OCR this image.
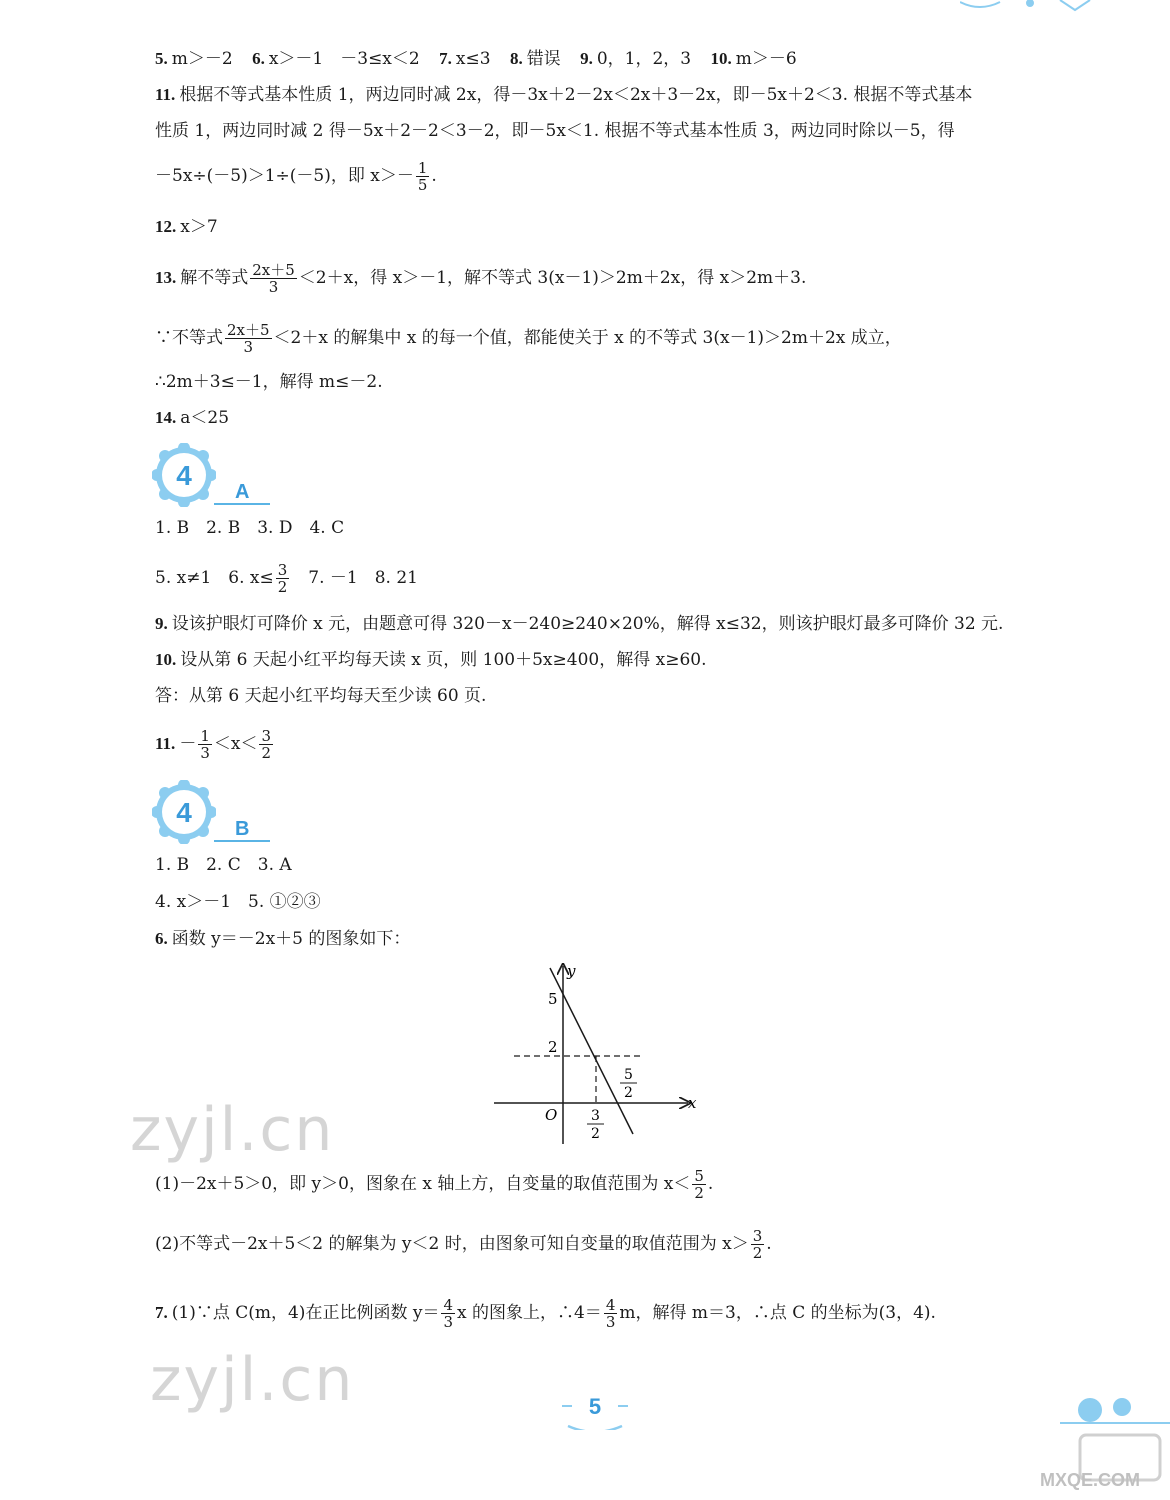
5. m＞－2 6. x＞－1　－3≤x＜2 7. x≤3 8. 错误 9. 0，1，2，3 10. m＞－6
11. 根据不等式基本性质 1，两边同时减 2x，得－3x＋2－2x＜2x＋3－2x，即－5x＋2＜3. 根据不等式基本
性质 1，两边同时减 2 得－5x＋2－2＜3－2，即－5x＜1. 根据不等式基本性质 3，两边同时除以－5，得
－5x÷(－5)＞1÷(－5)，即 $x>- \frac{1}{5}$ .
12. x＞7
13. 解不等式 $\frac{2x+5}{3} <2+x$，得 x＞－1，解不等式 3(x－1)＞2m＋2x，得 x＞2m＋3.
∵不等式 $\frac{2x+5}{3} <2+x$ 的解集中 x 的每一个值，都能使关于 x 的不等式 3(x－1)＞2m＋2x 成立，
∴2m＋3≤－1，解得 m≤－2.
14. a＜25
4
A
1. B　2. B　3. D　4. C
5. x≠1　6. $x\le \frac{3}{2}$ 　7. －1　8. 21
9. 设该护眼灯可降价 x 元，由题意可得 320－x－240≥240×20%，解得 x≤32，则该护眼灯最多可降价 32 元.
10. 设从第 6 天起小红平均每天读 x 页，则 100＋5x≥400，解得 x≥60.
答：从第 6 天起小红平均每天至少读 60 页.
11. － $\frac{1}{3} <x< \frac{3}{2}$
4
B
1. B　2. C　3. A
4. x＞－1　5. ①②③
6. 函数 y＝－2x＋5 的图象如下：
y
x
O
5
2
5
2
3
2
zyjl.cn
(1)－2x＋5＞0，即 y＞0，图象在 x 轴上方，自变量的取值范围为 $x< \frac{5}{2}$ .
(2)不等式－2x＋5＜2 的解集为 y＜2 时，由图象可知自变量的取值范围为 $x> \frac{3}{2}$ .
7. (1)∵点 C(m，4)在正比例函数 $y= \frac{4}{3}$ x 的图象上，∴4＝ $\frac{4}{3}$ m，解得 m＝3，∴点 C 的坐标为(3，4).
zyjl.cn	5
MXQE.COM
